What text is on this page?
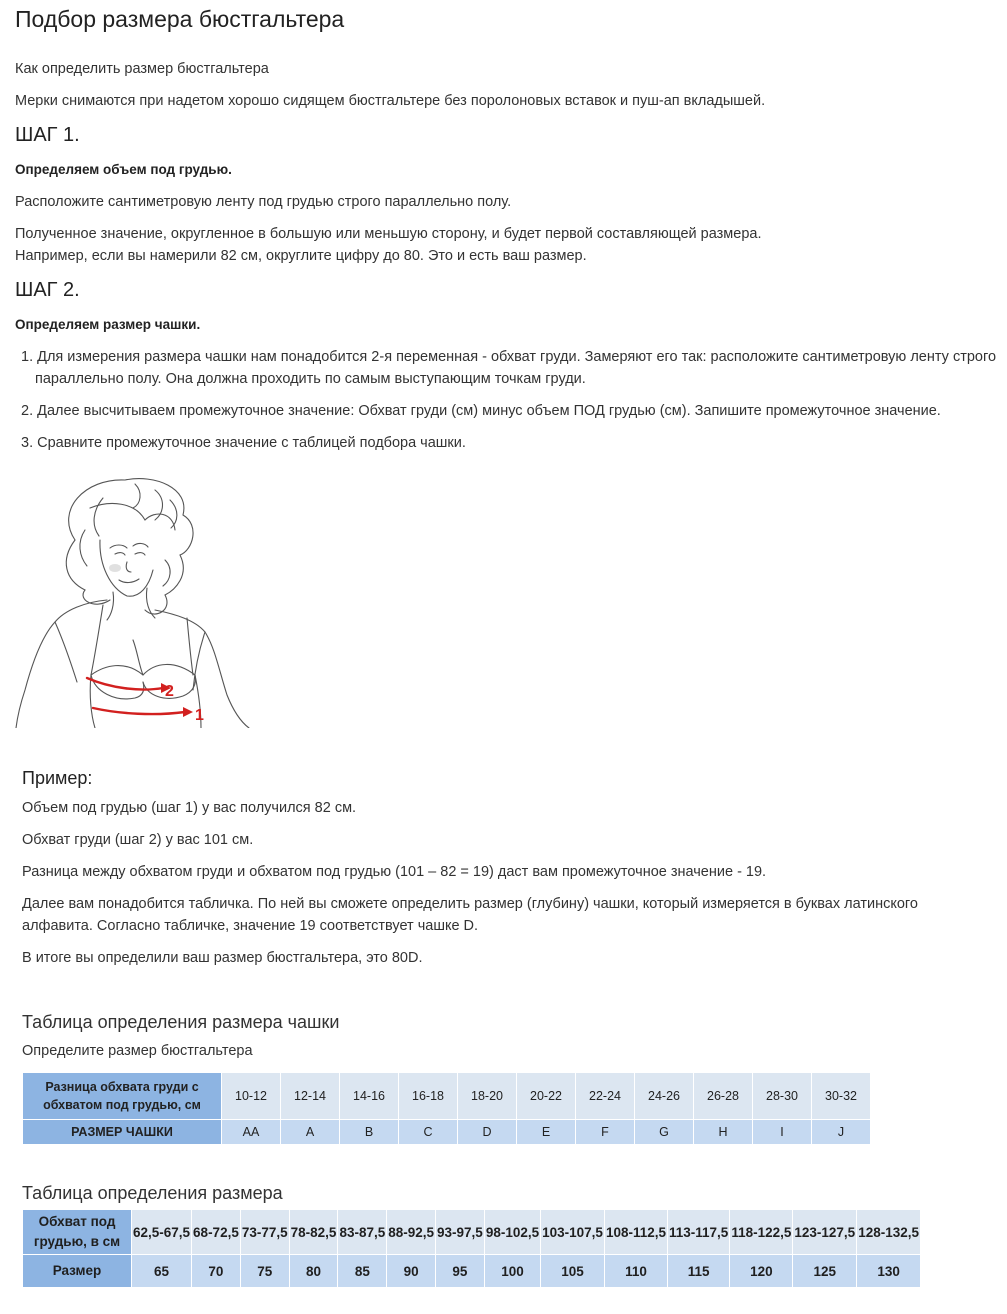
Подбор размера бюстгальтера
Как определить размер бюстгальтера
Мерки снимаются при надетом хорошо сидящем бюстгальтере без поролоновых вставок и пуш-ап вкладышей.
ШАГ 1.
Определяем объем под грудью.
Расположите сантиметровую ленту под грудью строго параллельно полу.
Полученное значение, округленное в большую или меньшую сторону, и будет первой составляющей размера.
Например, если вы намерили 82 см, округлите цифру до 80. Это и есть ваш размер.
ШАГ 2.
Определяем размер чашки.
1. Для измерения размера чашки нам понадобится 2-я переменная - обхват груди. Замеряют его так: расположите сантиметровую ленту строго параллельно полу. Она должна проходить по самым выступающим точкам груди.
2. Далее высчитываем промежуточное значение: Обхват груди (см) минус объем ПОД грудью (см). Запишите промежуточное значение.
3. Сравните промежуточное значение с таблицей подбора чашки.
2
1
Пример:
Объем под грудью (шаг 1) у вас получился 82 см.
Обхват груди (шаг 2) у вас 101 см.
Разница между обхватом груди и обхватом под грудью (101 – 82 = 19) даст вам промежуточное значение - 19.
Далее вам понадобится табличка. По ней вы сможете определить размер (глубину) чашки, который измеряется в буквах латинского алфавита. Согласно табличке, значение 19 соответствует чашке D.
В итоге вы определили ваш размер бюстгальтера, это 80D.
Таблица определения размера чашки
Определите размер бюстгальтера
Разница обхвата груди с обхватом под грудью, см	10-12	12-14	14-16	16-18	18-20	20-22	22-24	24-26	26-28	28-30	30-32
РАЗМЕР ЧАШКИ	AA	A	B	C	D	E	F	G	H	I	J
Таблица определения размера
Обхват под грудью, в см	62,5-67,5	68-72,5	73-77,5	78-82,5	83-87,5	88-92,5	93-97,5	98-102,5	103-107,5	108-112,5	113-117,5	118-122,5	123-127,5	128-132,5
Размер	65	70	75	80	85	90	95	100	105	110	115	120	125	130
